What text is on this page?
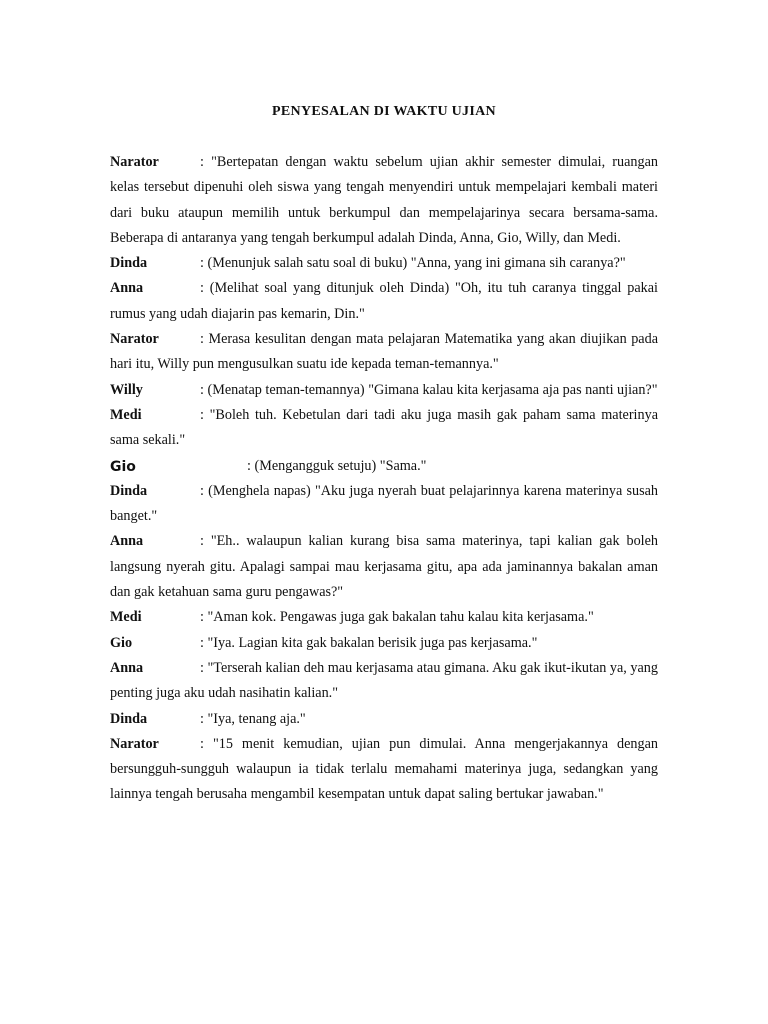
PENYESALAN DI WAKTU UJIAN
Narator	: "Bertepatan dengan waktu sebelum ujian akhir semester dimulai, ruangan kelas tersebut dipenuhi oleh siswa yang tengah menyendiri untuk mempelajari kembali materi dari buku ataupun memilih untuk berkumpul dan mempelajarinya secara bersama-sama. Beberapa di antaranya yang tengah berkumpul adalah Dinda, Anna, Gio, Willy, dan Medi.
Dinda	: (Menunjuk salah satu soal di buku) "Anna, yang ini gimana sih caranya?"
Anna	: (Melihat soal yang ditunjuk oleh Dinda) "Oh, itu tuh caranya tinggal pakai rumus yang udah diajarin pas kemarin, Din."
Narator	: Merasa kesulitan dengan mata pelajaran Matematika yang akan diujikan pada hari itu, Willy pun mengusulkan suatu ide kepada teman-temannya."
Willy	: (Menatap teman-temannya) "Gimana kalau kita kerjasama aja pas nanti ujian?"
Medi	: "Boleh tuh. Kebetulan dari tadi aku juga masih gak paham sama materinya sama sekali."
Gio	: (Mengangguk setuju) "Sama."
Dinda	: (Menghela napas) "Aku juga nyerah buat pelajarinnya karena materinya susah banget."
Anna	: "Eh.. walaupun kalian kurang bisa sama materinya, tapi kalian gak boleh langsung nyerah gitu. Apalagi sampai mau kerjasama gitu, apa ada jaminannya bakalan aman dan gak ketahuan sama guru pengawas?"
Medi	: "Aman kok. Pengawas juga gak bakalan tahu kalau kita kerjasama."
Gio	: "Iya. Lagian kita gak bakalan berisik juga pas kerjasama."
Anna	: "Terserah kalian deh mau kerjasama atau gimana. Aku gak ikut-ikutan ya, yang penting juga aku udah nasihatin kalian."
Dinda	: "Iya, tenang aja."
Narator	: "15 menit kemudian, ujian pun dimulai. Anna mengerjakannya dengan bersungguh-sungguh walaupun ia tidak terlalu memahami materinya juga, sedangkan yang lainnya tengah berusaha mengambil kesempatan untuk dapat saling bertukar jawaban."
